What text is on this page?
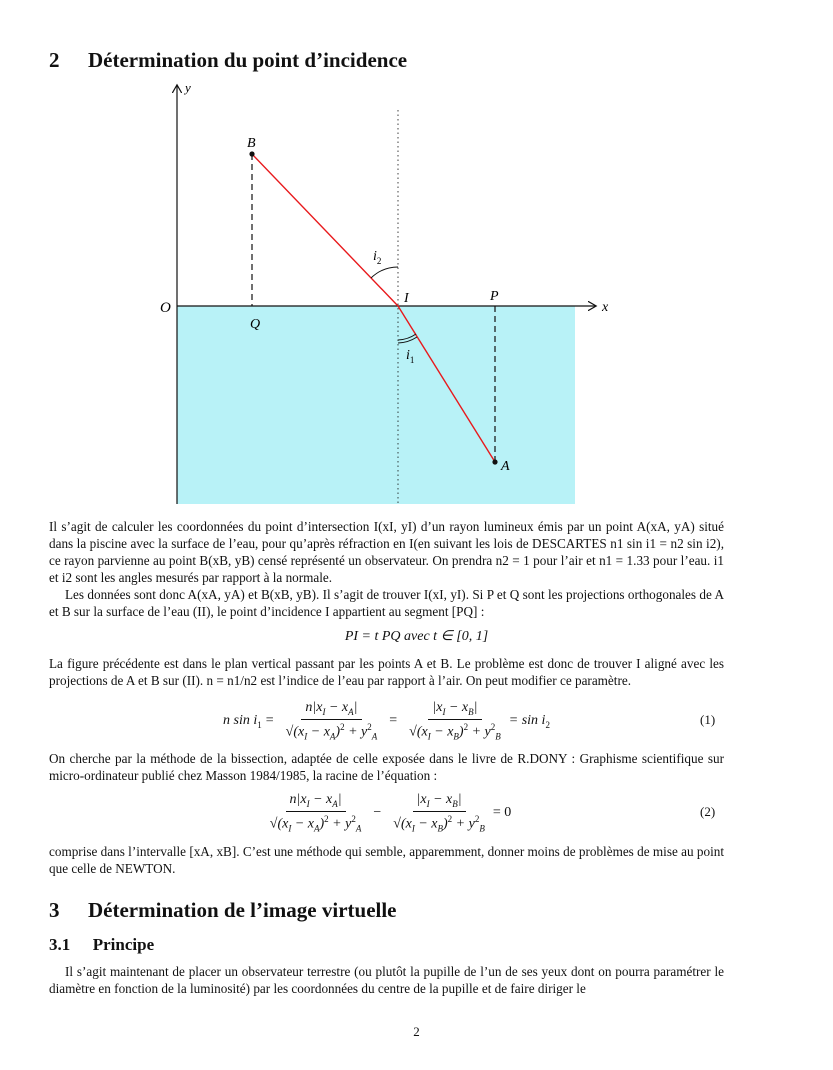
2 Détermination du point d’incidence
y
x
O
B
Q
I	P
A
$i_2$
$i_1$
Il s’agit de calculer les coordonnées du point d’intersection I(xI, yI) d’un rayon lumineux émis par un point A(xA, yA) situé dans la piscine avec la surface de l’eau, pour qu’après réfraction en I(en suivant les lois de DESCARTES n1 sin i1 = n2 sin i2), ce rayon parvienne au point B(xB, yB) censé représenté un observateur. On prendra n2 = 1 pour l’air et n1 = 1.33 pour l’eau. i1 et i2 sont les angles mesurés par rapport à la normale.
Les données sont donc A(xA, yA) et B(xB, yB). Il s’agit de trouver I(xI, yI). Si P et Q sont les projections orthogonales de A et B sur la surface de l’eau (II), le point d’incidence I appartient au segment [PQ] :
PI = t PQ avec t ∈ [0, 1]
La figure précédente est dans le plan vertical passant par les points A et B. Le problème est donc de trouver I aligné avec les projections de A et B sur (II). n = n1/n2 est l’indice de l’eau par rapport à l’air. On peut modifier ce paramètre.
n $\sin i_1 = \frac{n|x_I - x_A|}{√(x_I - x_A)^2 + y^2_A} = \frac{|x_I - x_B|}{√(x_I - x_B)^2 + y^2_B} = \sin i_2$	(1)
On cherche par la méthode de la bissection, adaptée de celle exposée dans le livre de R.DONY : Graphisme scientifique sur micro-ordinateur publié chez Masson 1984/1985, la racine de l’équation :
$\frac{n|x_I - x_A|}{√(x_I - x_A)^2 + y^2_A} - \frac{|x_I - x_B|}{√(x_I - x_B)^2 + y^2_B} = 0$	(2)
comprise dans l’intervalle [xA, xB]. C’est une méthode qui semble, apparemment, donner moins de problèmes de mise au point que celle de NEWTON.
3 Détermination de l’image virtuelle
3.1 Principe
Il s’agit maintenant de placer un observateur terrestre (ou plutôt la pupille de l’un de ses yeux dont on pourra paramétrer le diamètre en fonction de la luminosité) par les coordonnées du centre de la pupille et de faire diriger le
2
